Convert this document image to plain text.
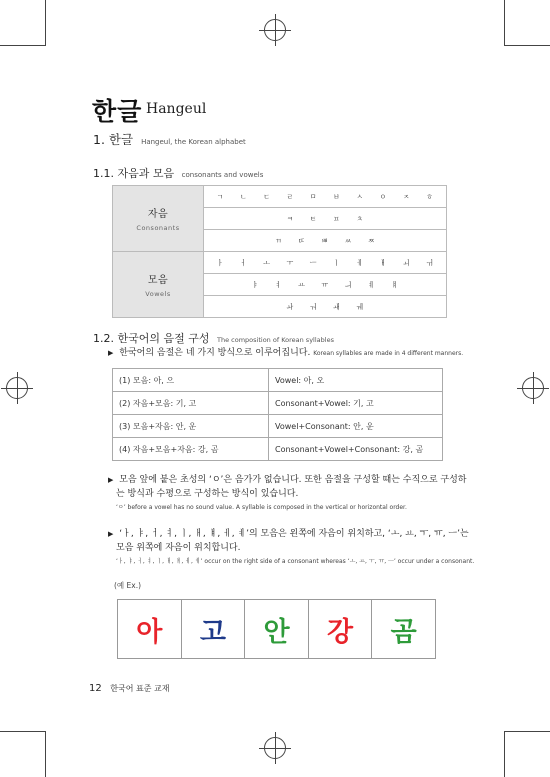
한글 Hangeul
1. 한글 Hangeul, the Korean alphabet
1.1. 자음과 모음 consonants and vowels
자음
Consonants	ㄱ ㄴ ㄷ ㄹ ㅁ ㅂ ㅅ ㅇ ㅈ ㅎ
	ㅋ ㅌ ㅍ ㅊ
	ㄲ ㄸ ㅃ ㅆ ㅉ

모음
Vowels	ㅏ ㅓ ㅗ ㅜ ㅡ ㅣ ㅔ ㅐ ㅚ ㅟ
	ㅑ ㅕ ㅛ ㅠ ㅢ ㅖ ㅒ
	ㅘ ㅝ ㅙ ㅞ
1.2. 한국어의 음절 구성 The composition of Korean syllables
▶ 한국어의 음절은 네 가지 방식으로 이루어집니다. Korean syllables are made in 4 different manners.
(1) 모음: 아, 으	Vowel: 아, 오
(2) 자음+모음: 기, 고	Consonant+Vowel: 기, 고
(3) 모음+자음: 안, 운	Vowel+Consonant: 안, 운
(4) 자음+모음+자음: 강, 곰	Consonant+Vowel+Consonant: 강, 곰
▶ 모음 앞에 붙은 초성의 ‘ㅇ’은 음가가 없습니다. 또한 음절을 구성할 때는 수직으로 구성하
는 방식과 수평으로 구성하는 방식이 있습니다.
‘ㅇ’ before a vowel has no sound value. A syllable is composed in the vertical or horizontal order.
▶ ‘ㅏ, ㅑ, ㅓ, ㅕ, ㅣ, ㅐ, ㅒ, ㅔ, ㅖ’의 모음은 왼쪽에 자음이 위치하고, ‘ㅗ, ㅛ, ㅜ, ㅠ, ㅡ’는
모음 위쪽에 자음이 위치합니다.
‘ㅏ, ㅑ, ㅓ, ㅕ, ㅣ, ㅐ, ㅒ, ㅔ, ㅖ’ occur on the right side of a consonant whereas ‘ㅗ, ㅛ, ㅜ, ㅠ, ㅡ’ occur under a consonant.
(예 Ex.)
아	고	안	강	곰
12 한국어 표준 교재
